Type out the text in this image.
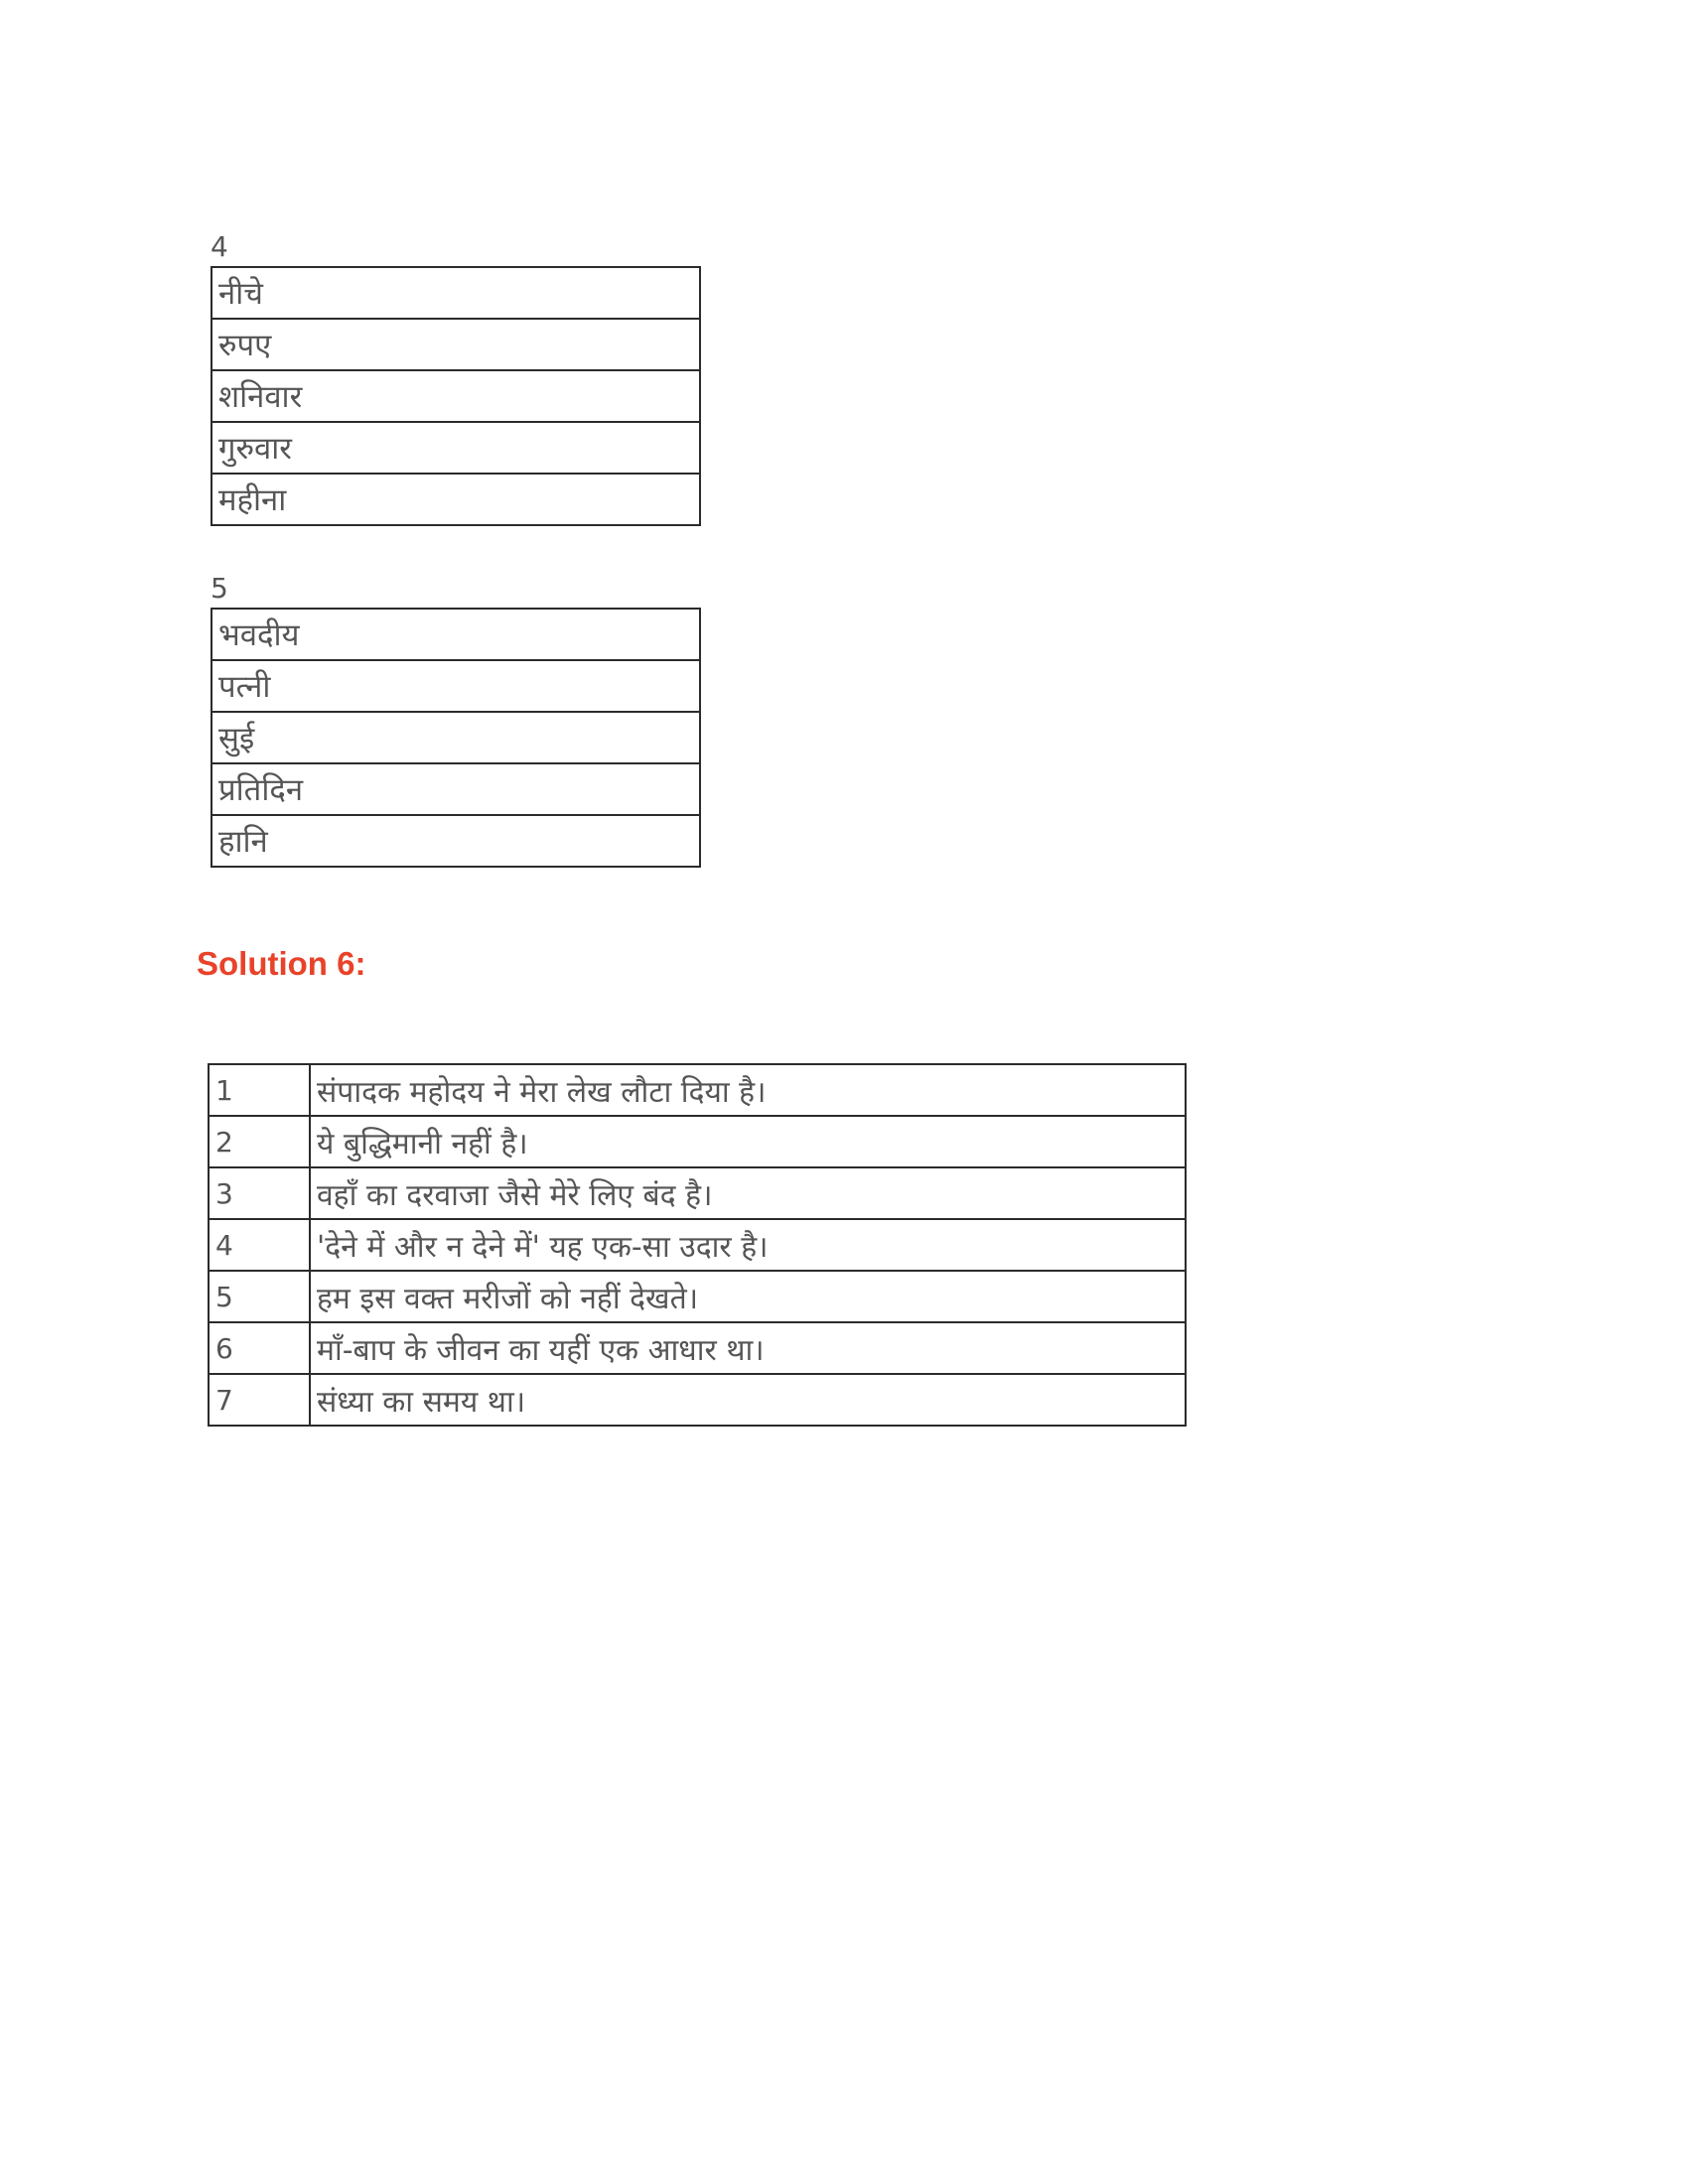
4
नीचे
रुपए
शनिवार
गुरुवार
महीना
5
भवदीय
पत्नी
सुई
प्रतिदिन
हानि
Solution 6:
1	संपादक महोदय ने मेरा लेख लौटा दिया है।
2	ये बुद्धिमानी नहीं है।
3	वहाँ का दरवाजा जैसे मेरे लिए बंद है।
4	'देने में और न देने में' यह एक-सा उदार है।
5	हम इस वक्त मरीजों को नहीं देखते।
6	माँ-बाप के जीवन का यहीं एक आधार था।
7	संध्या का समय था।
